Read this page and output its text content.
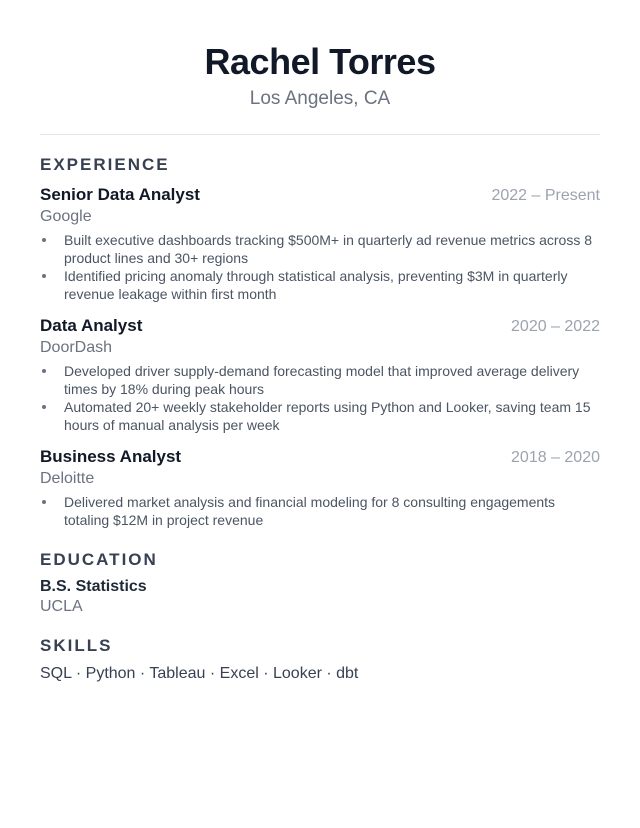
Rachel Torres
Los Angeles, CA
EXPERIENCE
Senior Data Analyst	2022 – Present
Google
Built executive dashboards tracking $500M+ in quarterly ad revenue metrics across 8 product lines and 30+ regions
Identified pricing anomaly through statistical analysis, preventing $3M in quarterly revenue leakage within first month
Data Analyst	2020 – 2022
DoorDash
Developed driver supply-demand forecasting model that improved average delivery times by 18% during peak hours
Automated 20+ weekly stakeholder reports using Python and Looker, saving team 15 hours of manual analysis per week
Business Analyst	2018 – 2020
Deloitte
Delivered market analysis and financial modeling for 8 consulting engagements totaling $12M in project revenue
EDUCATION
B.S. Statistics
UCLA
SKILLS
SQL · Python · Tableau · Excel · Looker · dbt
